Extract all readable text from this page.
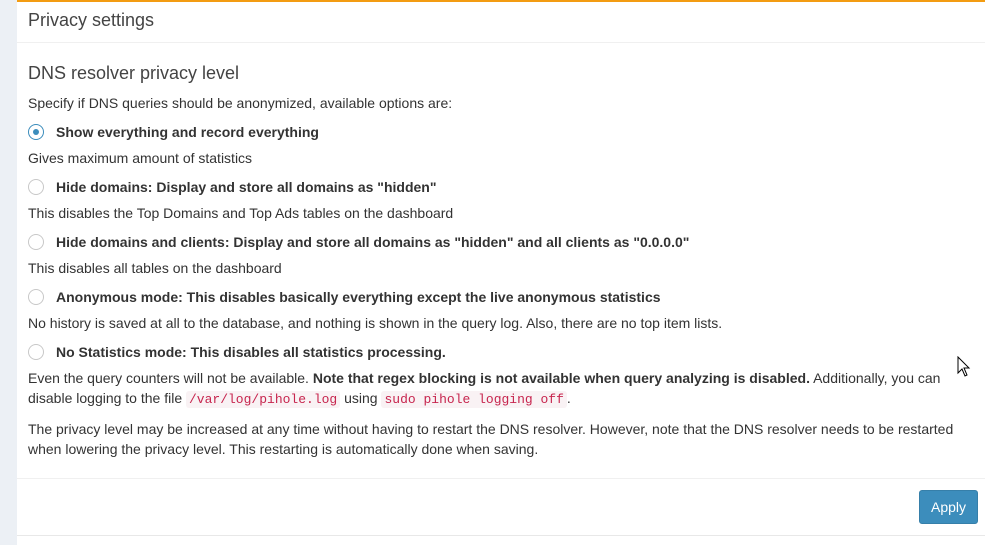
Privacy settings
DNS resolver privacy level
Specify if DNS queries should be anonymized, available options are:
Show everything and record everything
Gives maximum amount of statistics
Hide domains: Display and store all domains as "hidden"
This disables the Top Domains and Top Ads tables on the dashboard
Hide domains and clients: Display and store all domains as "hidden" and all clients as "0.0.0.0"
This disables all tables on the dashboard
Anonymous mode: This disables basically everything except the live anonymous statistics
No history is saved at all to the database, and nothing is shown in the query log. Also, there are no top item lists.
No Statistics mode: This disables all statistics processing.
Even the query counters will not be available. Note that regex blocking is not available when query analyzing is disabled. Additionally, you can disable logging to the file /var/log/pihole.log using sudo pihole logging off .
The privacy level may be increased at any time without having to restart the DNS resolver. However, note that the DNS resolver needs to be restarted when lowering the privacy level. This restarting is automatically done when saving.
Apply
